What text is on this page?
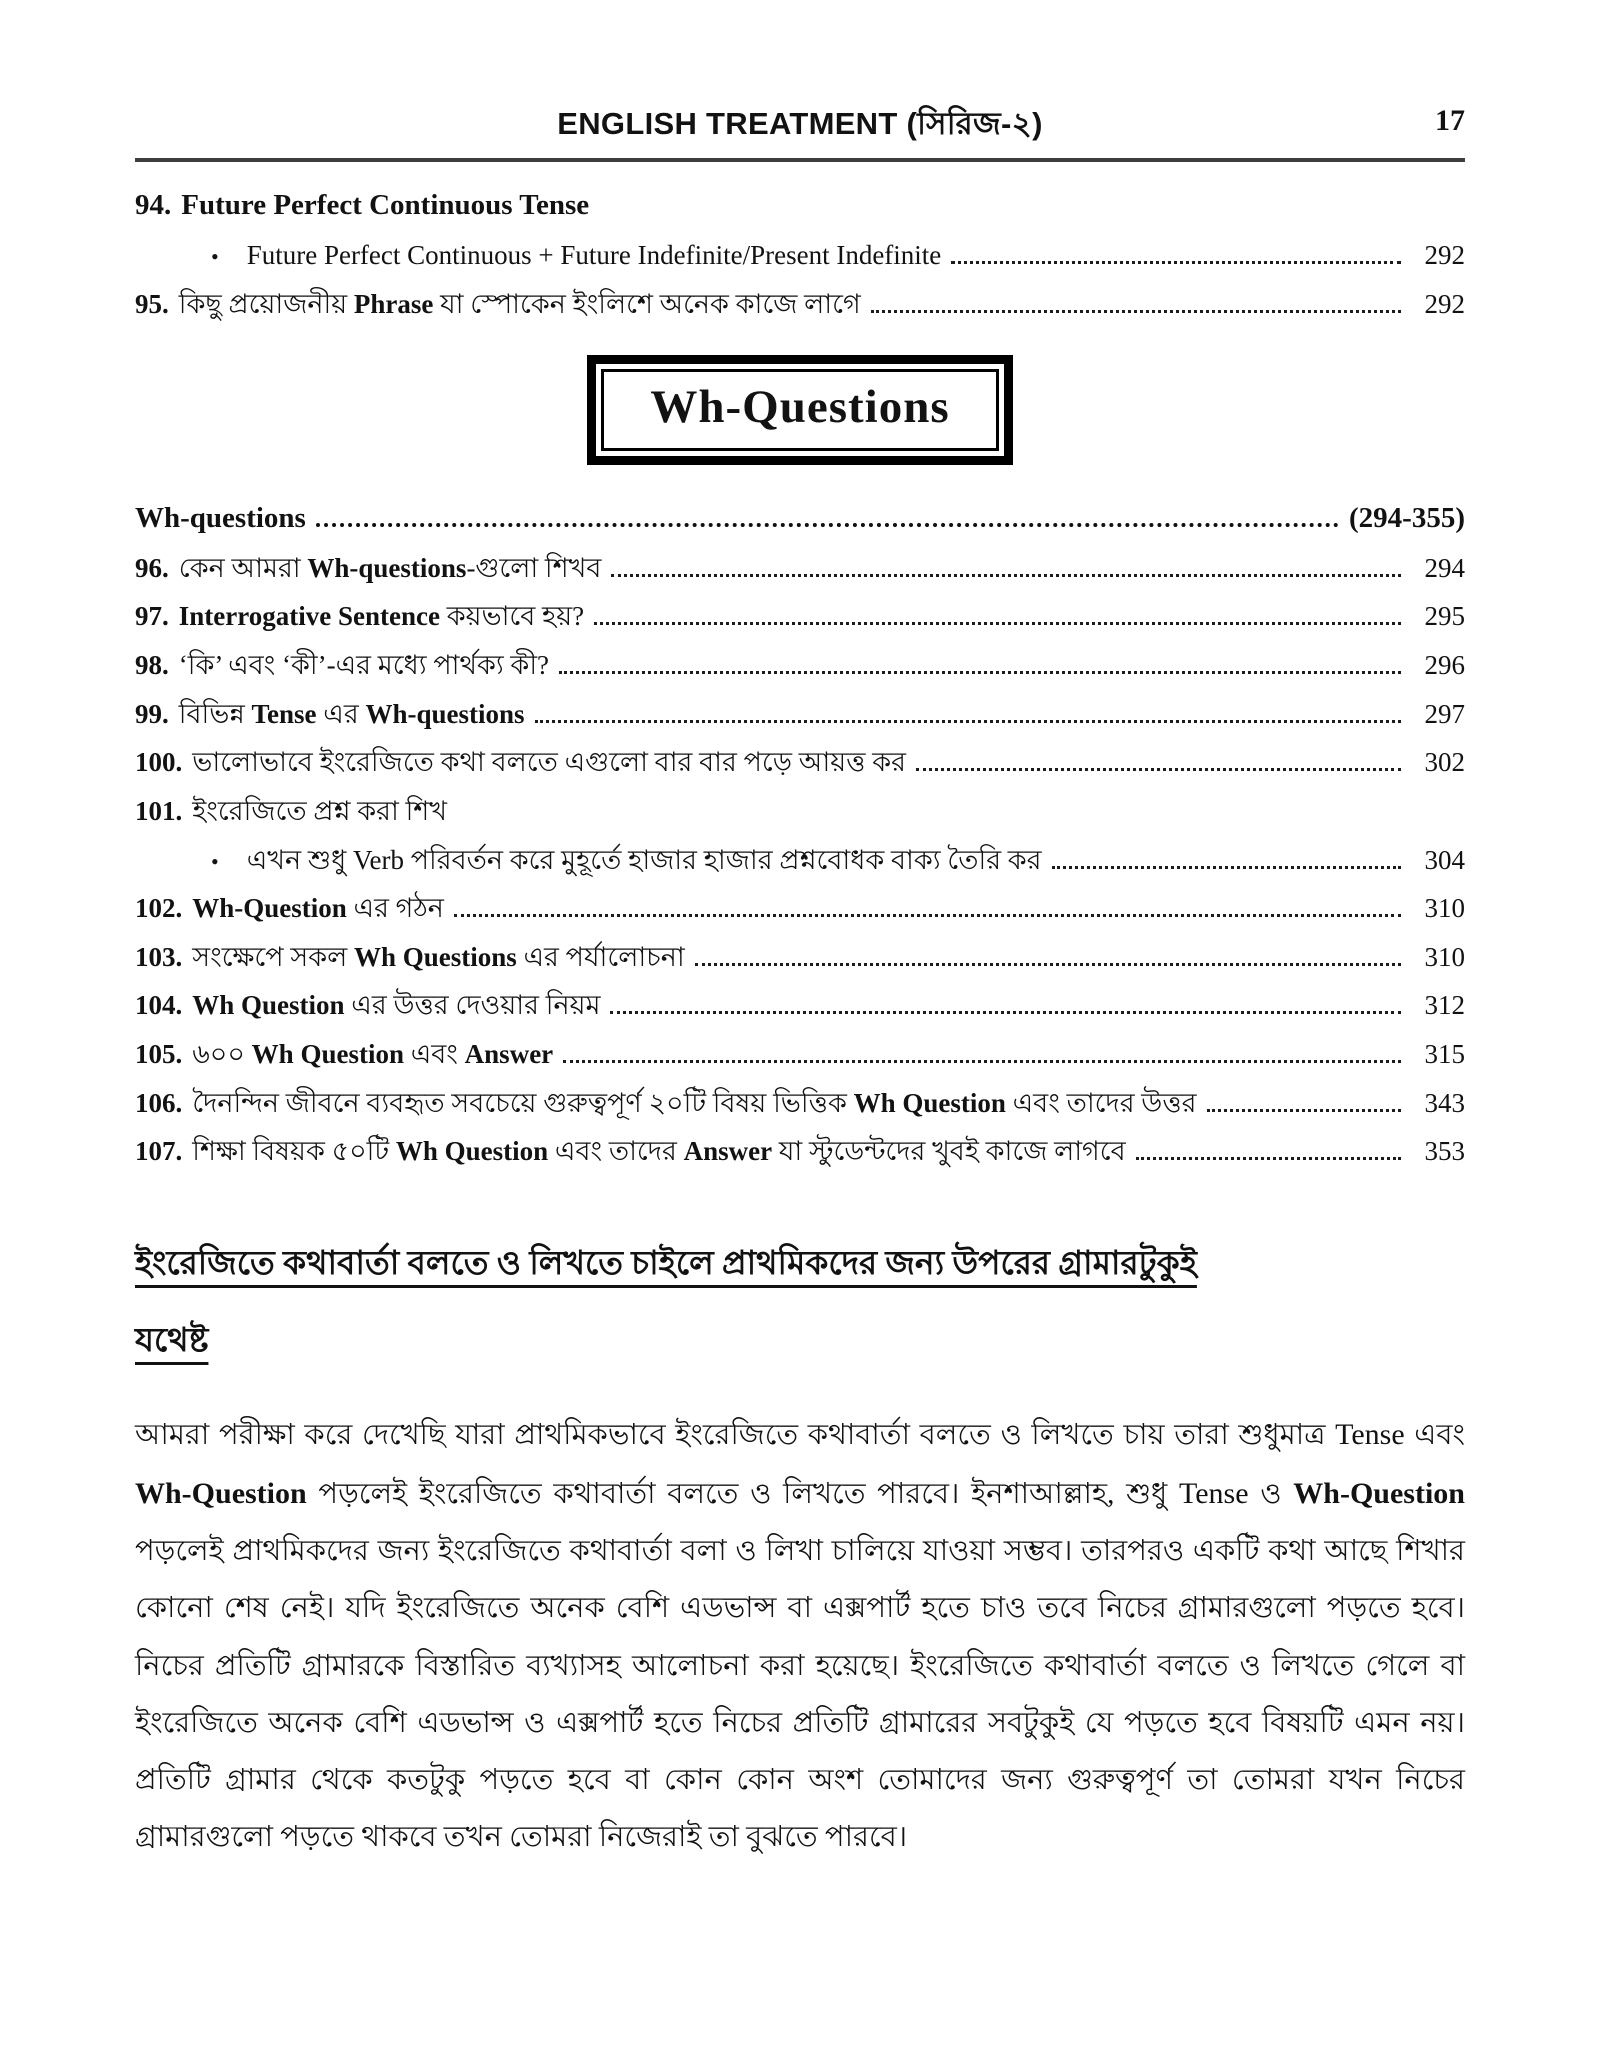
ENGLISH TREATMENT (সিরিজ-২)	17
94. Future Perfect Continuous Tense
• Future Perfect Continuous + Future Indefinite/Present Indefinite	292
95. কিছু প্রয়োজনীয় Phrase যা স্পোকেন ইংলিশে অনেক কাজে লাগে	292
Wh-Questions
Wh-questions	(294-355)
96. কেন আমরা Wh-questions-গুলো শিখব	294
97. Interrogative Sentence কয়ভাবে হয়?	295
98. ‘কি’ এবং ‘কী’-এর মধ্যে পার্থক্য কী?	296
99. বিভিন্ন Tense এর Wh-questions	297
100. ভালোভাবে ইংরেজিতে কথা বলতে এগুলো বার বার পড়ে আয়ত্ত কর	302
101. ইংরেজিতে প্রশ্ন করা শিখ
• এখন শুধু Verb পরিবর্তন করে মুহূর্তে হাজার হাজার প্রশ্নবোধক বাক্য তৈরি কর	304
102. Wh-Question এর গঠন	310
103. সংক্ষেপে সকল Wh Questions এর পর্যালোচনা	310
104. Wh Question এর উত্তর দেওয়ার নিয়ম	312
105. ৬০০ Wh Question এবং Answer	315
106. দৈনন্দিন জীবনে ব্যবহৃত সবচেয়ে গুরুত্বপূর্ণ ২০টি বিষয় ভিত্তিক Wh Question এবং তাদের উত্তর	343
107. শিক্ষা বিষয়ক ৫০টি Wh Question এবং তাদের Answer যা স্টুডেন্টদের খুবই কাজে লাগবে	353
ইংরেজিতে কথাবার্তা বলতে ও লিখতে চাইলে প্রাথমিকদের জন্য উপরের গ্রামারটুকুই
যথেষ্ট

আমরা পরীক্ষা করে দেখেছি যারা প্রাথমিকভাবে ইংরেজিতে কথাবার্তা বলতে ও লিখতে চায় তারা শুধুমাত্র Tense এবং Wh-Question পড়লেই ইংরেজিতে কথাবার্তা বলতে ও লিখতে পারবে। ইনশাআল্লাহ, শুধু Tense ও Wh-Question পড়লেই প্রাথমিকদের জন্য ইংরেজিতে কথাবার্তা বলা ও লিখা চালিয়ে যাওয়া সম্ভব। তারপরও একটি কথা আছে শিখার কোনো শেষ নেই। যদি ইংরেজিতে অনেক বেশি এডভান্স বা এক্সপার্ট হতে চাও তবে নিচের গ্রামারগুলো পড়তে হবে। নিচের প্রতিটি গ্রামারকে বিস্তারিত ব্যখ্যাসহ আলোচনা করা হয়েছে। ইংরেজিতে কথাবার্তা বলতে ও লিখতে গেলে বা ইংরেজিতে অনেক বেশি এডভান্স ও এক্সপার্ট হতে নিচের প্রতিটি গ্রামারের সবটুকুই যে পড়তে হবে বিষয়টি এমন নয়। প্রতিটি গ্রামার থেকে কতটুকু পড়তে হবে বা কোন কোন অংশ তোমাদের জন্য গুরুত্বপূর্ণ তা তোমরা যখন নিচের গ্রামারগুলো পড়তে থাকবে তখন তোমরা নিজেরাই তা বুঝতে পারবে।
